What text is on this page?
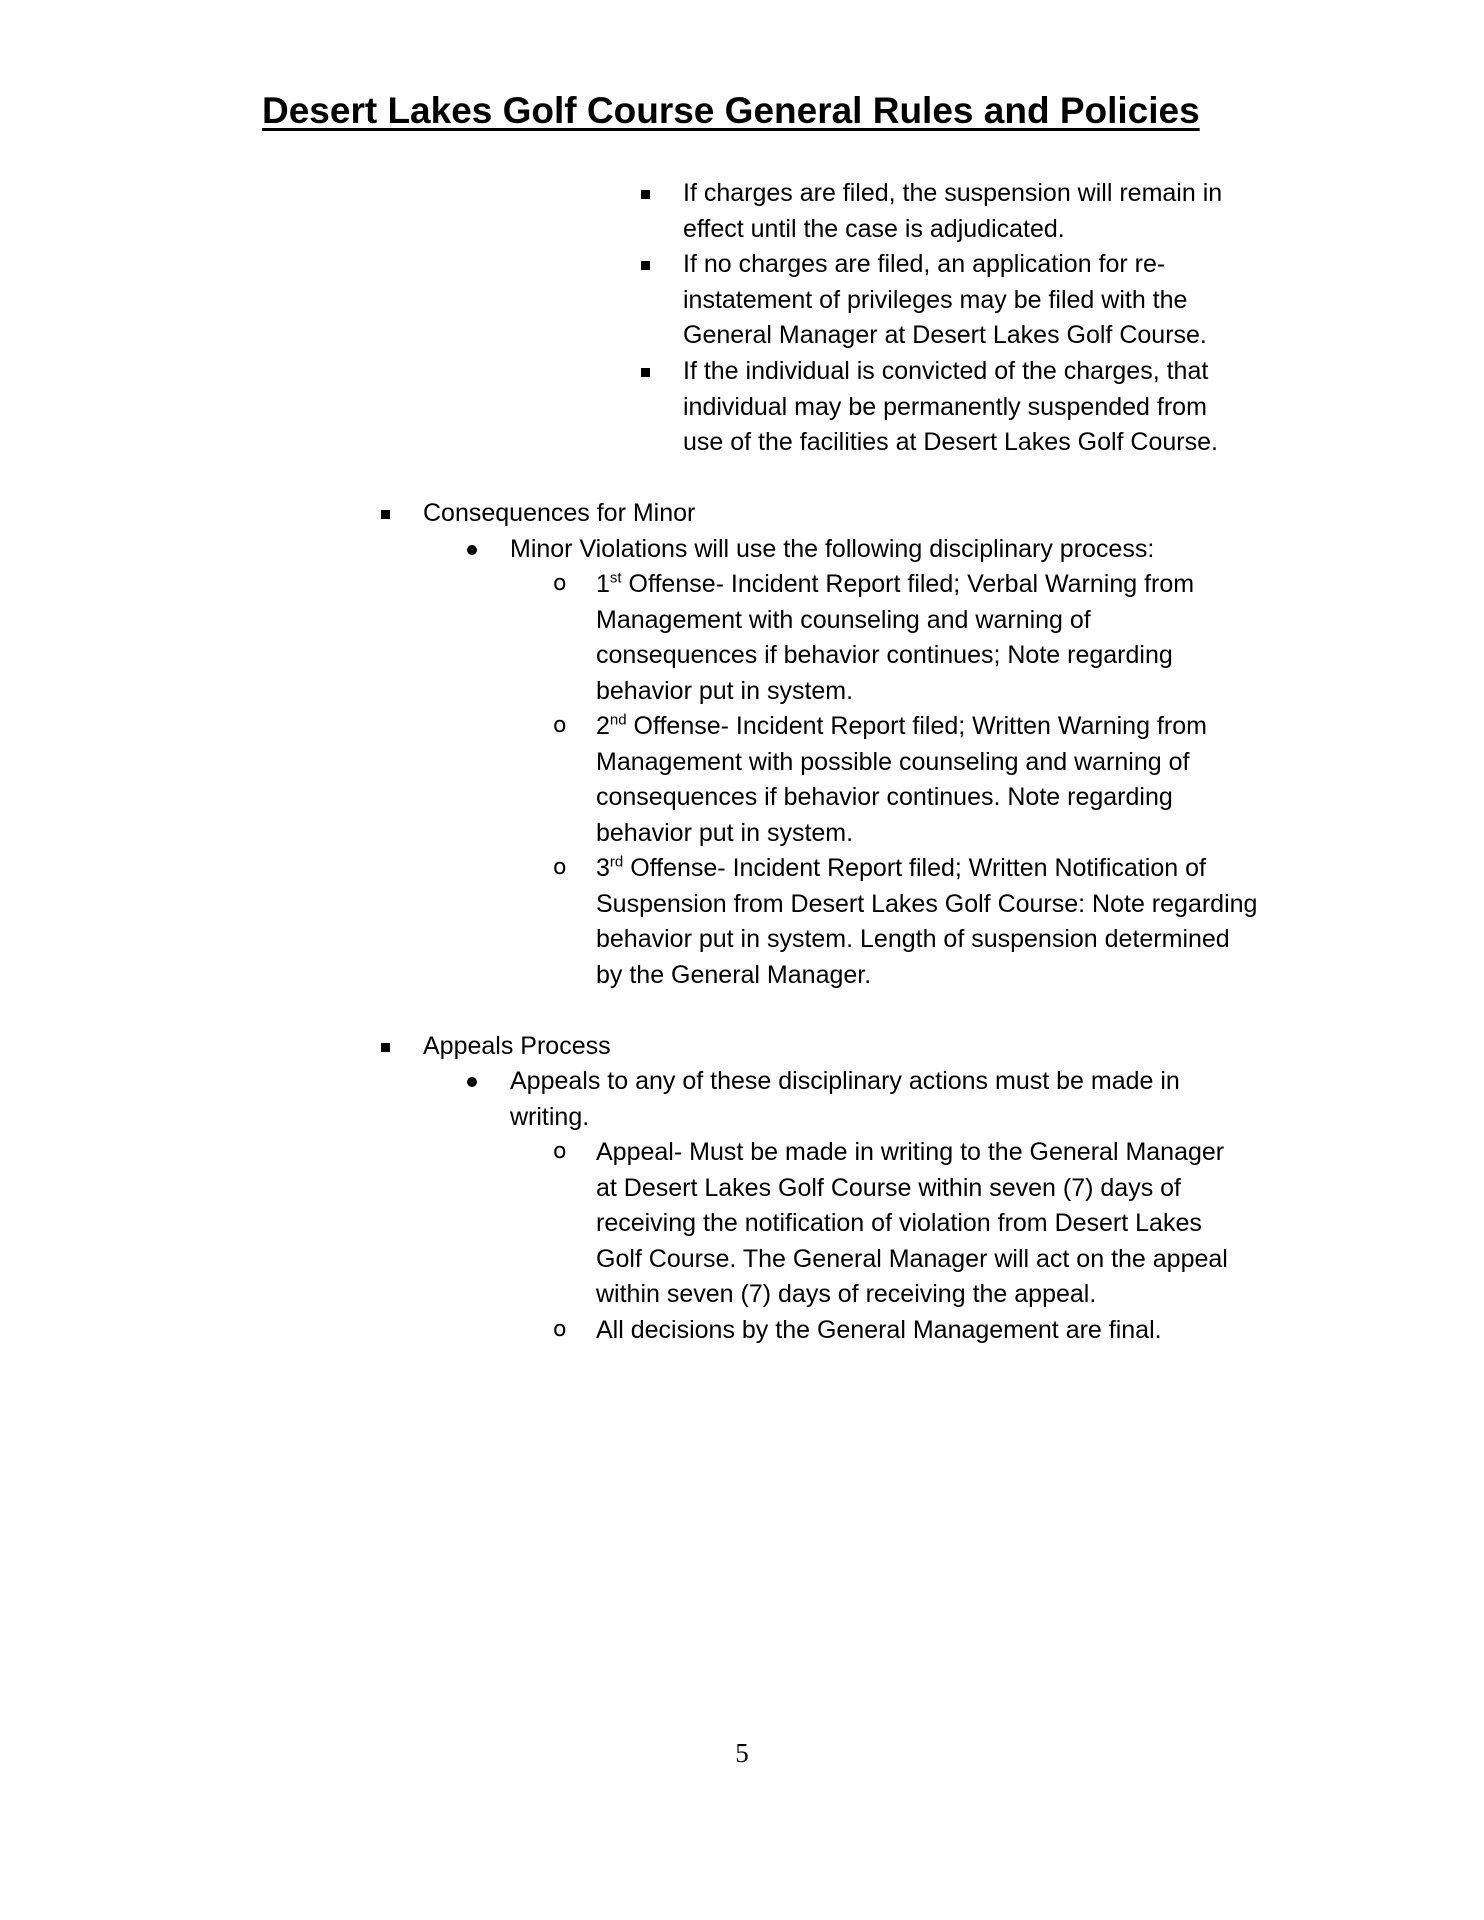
Desert Lakes Golf Course General Rules and Policies
If charges are filed, the suspension will remain in
effect until the case is adjudicated.
If no charges are filed, an application for re-
instatement of privileges may be filed with the
General Manager at Desert Lakes Golf Course.
If the individual is convicted of the charges, that
individual may be permanently suspended from
use of the facilities at Desert Lakes Golf Course.
Consequences for Minor
Minor Violations will use the following disciplinary process:
o 1st Offense- Incident Report filed; Verbal Warning from
Management with counseling and warning of
consequences if behavior continues; Note regarding
behavior put in system.
o 2nd Offense- Incident Report filed; Written Warning from
Management with possible counseling and warning of
consequences if behavior continues. Note regarding
behavior put in system.
o 3rd Offense- Incident Report filed; Written Notification of
Suspension from Desert Lakes Golf Course: Note regarding
behavior put in system. Length of suspension determined
by the General Manager.
Appeals Process
Appeals to any of these disciplinary actions must be made in
writing.
o Appeal- Must be made in writing to the General Manager
at Desert Lakes Golf Course within seven (7) days of
receiving the notification of violation from Desert Lakes
Golf Course. The General Manager will act on the appeal
within seven (7) days of receiving the appeal.
o All decisions by the General Management are final.
5
